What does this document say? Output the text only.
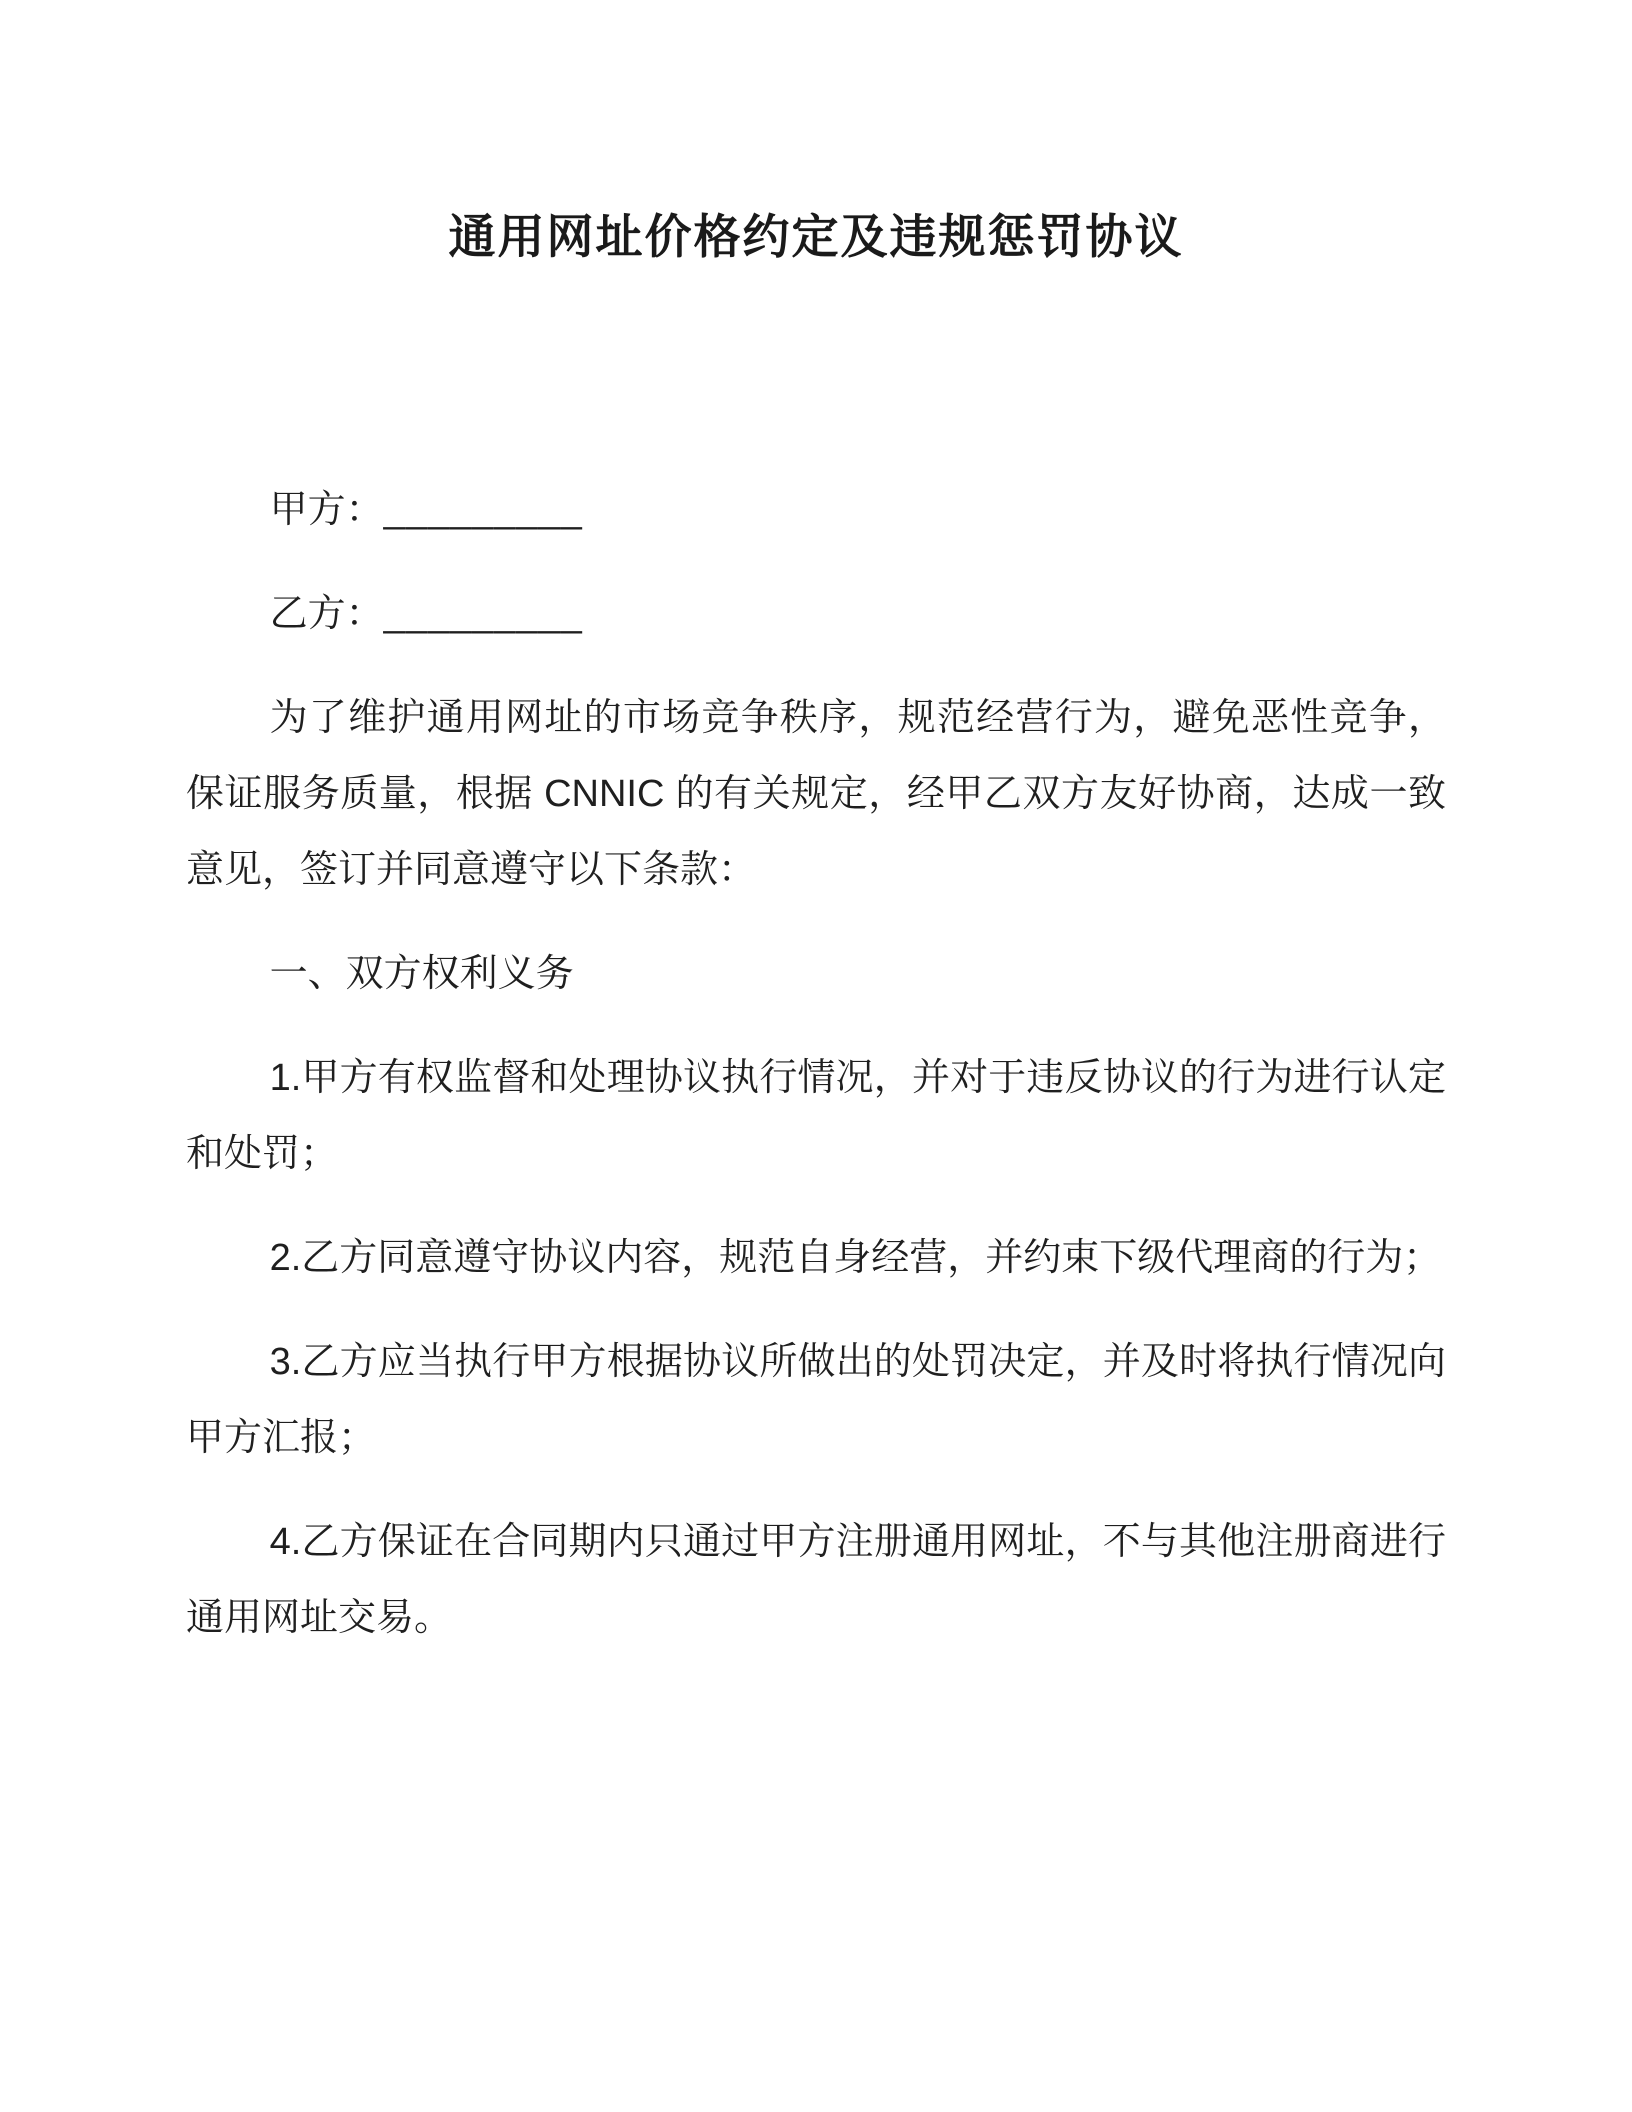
通用网址价格约定及违规惩罚协议

甲方：_________

乙方：_________

为了维护通用网址的市场竞争秩序，规范经营行为，避免恶性竞争，保证服务质量，根据 CNNIC 的有关规定，经甲乙双方友好协商，达成一致意见，签订并同意遵守以下条款：

一、双方权利义务

1.甲方有权监督和处理协议执行情况，并对于违反协议的行为进行认定和处罚；

2.乙方同意遵守协议内容，规范自身经营，并约束下级代理商的行为；

3.乙方应当执行甲方根据协议所做出的处罚决定，并及时将执行情况向甲方汇报；

4.乙方保证在合同期内只通过甲方注册通用网址，不与其他注册商进行通用网址交易。
